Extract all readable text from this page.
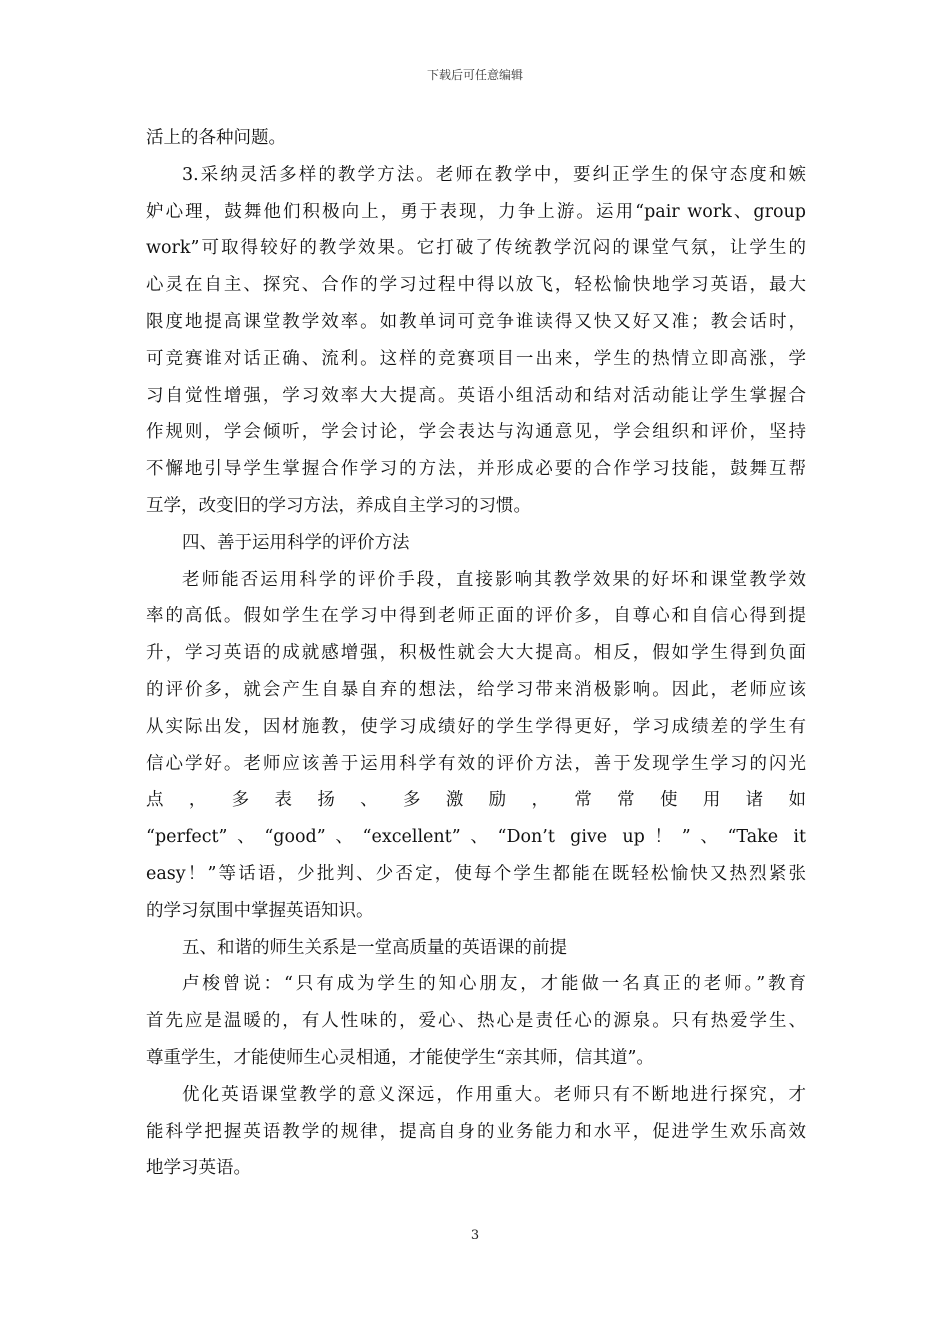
下载后可任意编辑
活上的各种问题。
3.采纳灵活多样的教学方法。老师在教学中，要纠正学生的保守态度和嫉
妒心理，鼓舞他们积极向上，勇于表现，力争上游。运用“pair work、group
work”可取得较好的教学效果。它打破了传统教学沉闷的课堂气氛，让学生的
心灵在自主、探究、合作的学习过程中得以放飞，轻松愉快地学习英语，最大
限度地提高课堂教学效率。如教单词可竞争谁读得又快又好又准；教会话时，
可竞赛谁对话正确、流利。这样的竞赛项目一出来，学生的热情立即高涨，学
习自觉性增强，学习效率大大提高。英语小组活动和结对活动能让学生掌握合
作规则，学会倾听，学会讨论，学会表达与沟通意见，学会组织和评价，坚持
不懈地引导学生掌握合作学习的方法，并形成必要的合作学习技能，鼓舞互帮
互学，改变旧的学习方法，养成自主学习的习惯。
四、善于运用科学的评价方法
老师能否运用科学的评价手段，直接影响其教学效果的好坏和课堂教学效
率的高低。假如学生在学习中得到老师正面的评价多，自尊心和自信心得到提
升，学习英语的成就感增强，积极性就会大大提高。相反，假如学生得到负面
的评价多，就会产生自暴自弃的想法，给学习带来消极影响。因此，老师应该
从实际出发，因材施教，使学习成绩好的学生学得更好，学习成绩差的学生有
信心学好。老师应该善于运用科学有效的评价方法，善于发现学生学习的闪光
点 ， 多 表 扬 、 多 激 励 ， 常 常 使 用 诸 如
“perfect”、“good”、“excellent”、“Don’t give up！”、“Take it
easy！”等话语，少批判、少否定，使每个学生都能在既轻松愉快又热烈紧张
的学习氛围中掌握英语知识。
五、和谐的师生关系是一堂高质量的英语课的前提
卢梭曾说：“只有成为学生的知心朋友，才能做一名真正的老师。”教育
首先应是温暖的，有人性味的，爱心、热心是责任心的源泉。只有热爱学生、
尊重学生，才能使师生心灵相通，才能使学生“亲其师，信其道”。
优化英语课堂教学的意义深远，作用重大。老师只有不断地进行探究，才
能科学把握英语教学的规律，提高自身的业务能力和水平，促进学生欢乐高效
地学习英语。
3
